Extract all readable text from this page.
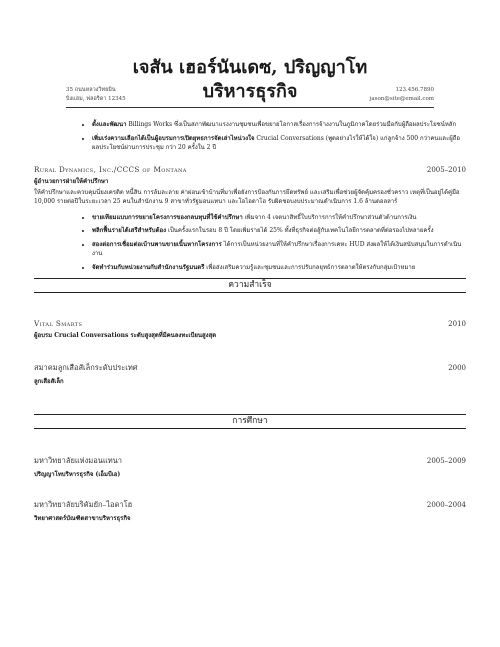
35 ถนนหลวงวิทยมิน
บิงแฮม, ฟลอริดา 12345
เจสัน เฮอร์นันเดซ, ปริญญาโท
บริหารธุรกิจ	123.456.7890
jason@site@email.com
• ตั้งและพัฒนา Billings Works ซึ่งเป็นสภาพัฒนาแรงงานชุมชนเพื่อขยายโอกาสเรื่องการจ้างงานในภูมิภาคโดยร่วมมือกับผู้ถือผลประโยชน์หลัก
• เพิ่มเร่งความเลือกได้เป็นผู้อบรมการเปิดยุทธการจัดเล่าไหน่วงใจ Crucial Conversations (พูดอย่างไรให้ได้ใจ) แก่ลูกจ้าง 500 กว่าคนและผู้ถือผลประโยชน์ผ่านการประชุม กว่า 20 ครั้งใน 2 ปี
Rural Dynamics, Inc./CCCS of Montana	2005–2010
ผู้อำนวยการฝ่ายให้คำปรึกษา
ให้คำปรึกษาและควบคุมนี่ยงเครดิต หนี้สิน การล้มละลาย ค่าผ่อนเข้าบ้านที่มาเพื่อยังการป้องกันการยึดทรัพย์ และเสริมเพื่อช่วยผู้จัดคุ้มครองชั่วคราว เหตุที่เป็นอยู่ได้คู่มือ 10,000 รายต่อปีในระยะเวลา 25 คนในสำนักงาน 9 สาขาทั่วรัฐมอนแทนา และโอไอดาโฮ รับผิดชอบงบประมาณดำเนินการ 1.6 ล้านดอลลาร์
• ขายเทียมแบบการขยายโครงการของกลนทุนที่ใช้คำปรึกษา เพิ่มจาก 4 เจตนาสิทธิ์ใบบริการการให้คำปรึกษาส่วนตัวด้านการเงิน
• พลิกฟื้นรายได้เสรีสำหรับต้อง เป็นครั้งแรกในรอบ 8 ปี โดยเพิ่มรายได้ 25% ทั้งที่ธุรกิจต่อสู้กับเทคโนโลยีการตลาดที่ต่อรองไปหลายครั้ง
• สองต่อการเชื่อมต่อเบ้านพานขายเนิ้นหากโครงการ ได้การเป็นหน่วยงานที่ให้คำปรึกษาเรื่องการเคหะ HUD ส่งผลให้ได้เงินสนับสนุนในการดำเนินงาน
• จัดทำร่วมกับหน่วยงานกับสำนักงานรัฐมนตรี เพื่อส่งเสริมความรู้และชุมชนและการปรับกลยุทธ์การตลาดให้ตรงกับกลุ่มเป้าหมาย
ความสำเร็จ
Vital Smarts	2010
ผู้อบรม Crucial Conversations ระดับสูงสุดที่มีคนลงทะเบียนสูงสุด
สมาคมลูกเสือสัเล็กระดับประเทศ	2000
ลูกเสือสัเล็ก
การศึกษา
มหาวิทยาลัยแห่งมอนแทนา	2005–2009
ปริญญาโทบริหารธุรกิจ (เอ็มบีเอ)
มหาวิทยาลัยบริคัมยัก–ไอดาโฮ	2000–2004
วิทยาศาสตร์บัณฑิตสาขาบริหารธุรกิจ
